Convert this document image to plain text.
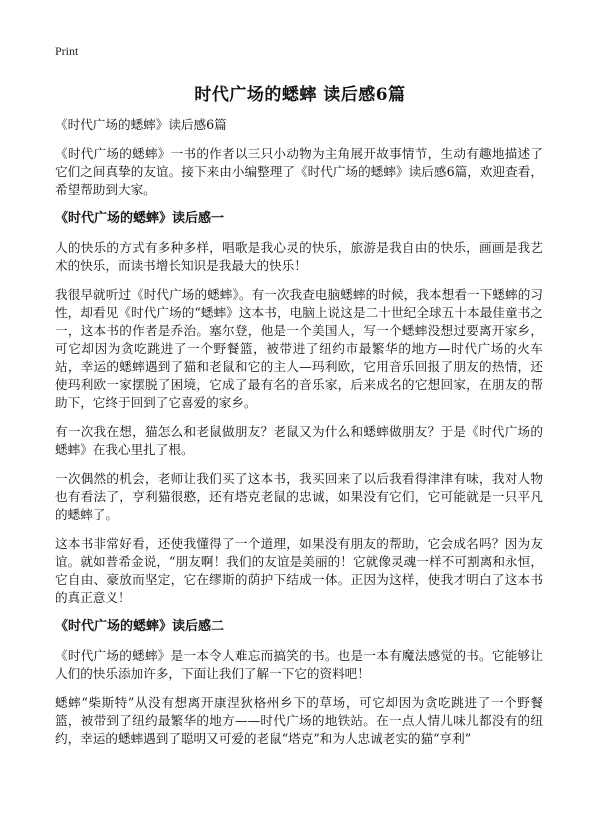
Print
时代广场的蟋蟀 读后感6篇

《时代广场的蟋蟀》读后感6篇

《时代广场的蟋蟀》一书的作者以三只小动物为主角展开故事情节，生动有趣地描述了它们之间真挚的友谊。接下来由小编整理了《时代广场的蟋蟀》读后感6篇，欢迎查看，希望帮助到大家。

《时代广场的蟋蟀》读后感一

人的快乐的方式有多种多样，唱歌是我心灵的快乐，旅游是我自由的快乐，画画是我艺术的快乐，而读书增长知识是我最大的快乐！

我很早就听过《时代广场的蟋蟀》。有一次我查电脑蟋蟀的时候，我本想看一下蟋蟀的习性，却看见《时代广场的“蟋蟀》这本书，电脑上说这是二十世纪全球五十本最佳童书之一，这本书的作者是乔治。塞尔登，他是一个美国人，写一个蟋蟀没想过要离开家乡，可它却因为贪吃跳进了一个野餐篮，被带进了纽约市最繁华的地方—时代广场的火车站，幸运的蟋蟀遇到了猫和老鼠和它的主人—玛利欧，它用音乐回报了朋友的热情，还使玛利欧一家摆脱了困境，它成了最有名的音乐家，后来成名的它想回家，在朋友的帮助下，它终于回到了它喜爱的家乡。

有一次我在想，猫怎么和老鼠做朋友？老鼠又为什么和蟋蟀做朋友？于是《时代广场的蟋蟀》在我心里扎了根。

一次偶然的机会，老师让我们买了这本书，我买回来了以后我看得津津有味，我对人物也有看法了，亨利猫很憨，还有塔克老鼠的忠诚，如果没有它们，它可能就是一只平凡的蟋蟀了。

这本书非常好看，还使我懂得了一个道理，如果没有朋友的帮助，它会成名吗？因为友谊。就如普希金说，“朋友啊！我们的友谊是美丽的！它就像灵魂一样不可割离和永恒，它自由、豪放而坚定，它在缪斯的荫护下结成一体。正因为这样，使我才明白了这本书的真正意义！

《时代广场的蟋蟀》读后感二

《时代广场的蟋蟀》是一本令人难忘而搞笑的书。也是一本有魔法感觉的书。它能够让人们的快乐添加许多，下面让我们了解一下它的资料吧！

蟋蟀“柴斯特”从没有想离开康涅狄格州乡下的草场，可它却因为贪吃跳进了一个野餐篮，被带到了纽约最繁华的地方——时代广场的地铁站。在一点人情儿味儿都没有的纽约，幸运的蟋蟀遇到了聪明又可爱的老鼠“塔克”和为人忠诚老实的猫“亨利”
